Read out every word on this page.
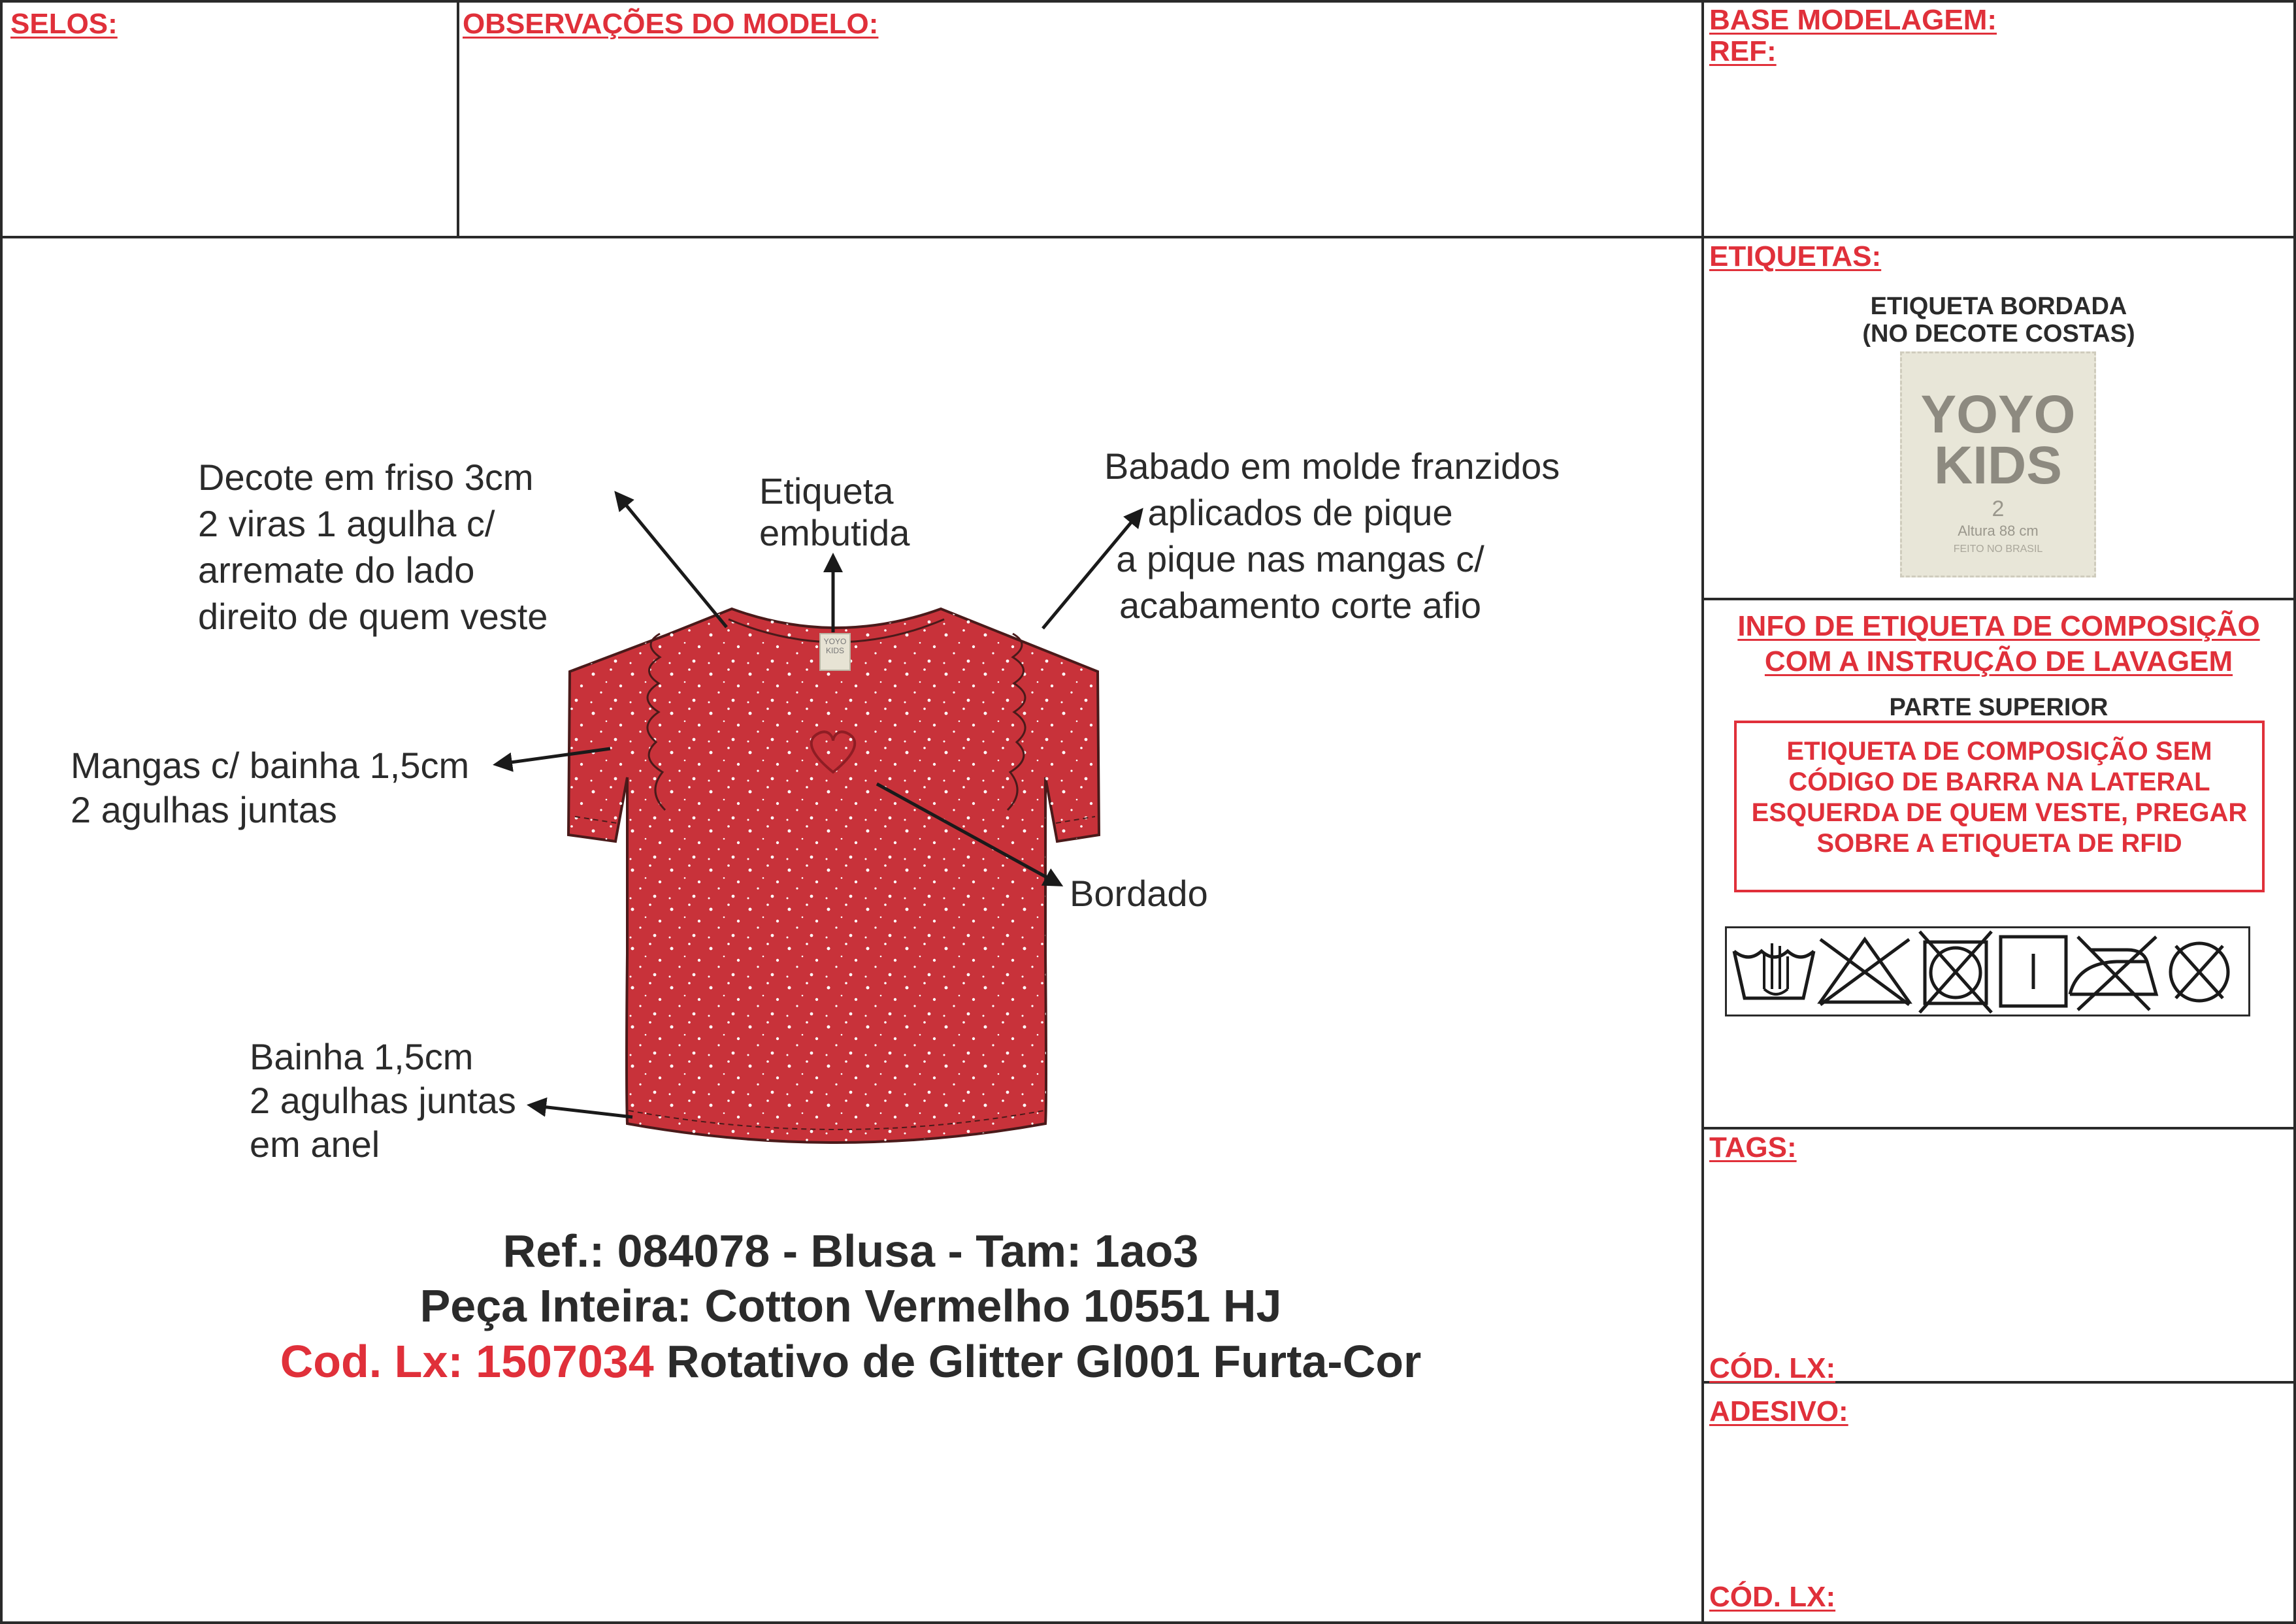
SELOS:	OBSERVAÇÕES DO MODELO:	BASE MODELAGEM:
REF:
YOYO
KIDS
Decote em friso 3cm
2 viras 1 agulha c/
arremate do lado
direito de quem veste
Etiqueta
embutida
Babado em molde franzidos
aplicados de pique
a pique nas mangas c/
acabamento corte afio
Mangas c/ bainha 1,5cm
2 agulhas juntas
Bordado
Bainha 1,5cm
2 agulhas juntas
em anel
Ref.: 084078 - Blusa - Tam: 1ao3
Peça Inteira: Cotton Vermelho 10551 HJ
Cod. Lx: 1507034 Rotativo de Glitter Gl001 Furta-Cor
ETIQUETAS:
ETIQUETA BORDADA
(NO DECOTE COSTAS)
YOYO
KIDS
2
Altura 88 cm
FEITO NO BRASIL
INFO DE ETIQUETA DE COMPOSIÇÃO
COM A INSTRUÇÃO DE LAVAGEM
PARTE SUPERIOR
ETIQUETA DE COMPOSIÇÃO SEM
CÓDIGO DE BARRA NA LATERAL
ESQUERDA DE QUEM VESTE, PREGAR
SOBRE A ETIQUETA DE RFID
TAGS:
CÓD. LX:
ADESIVO:
CÓD. LX:
